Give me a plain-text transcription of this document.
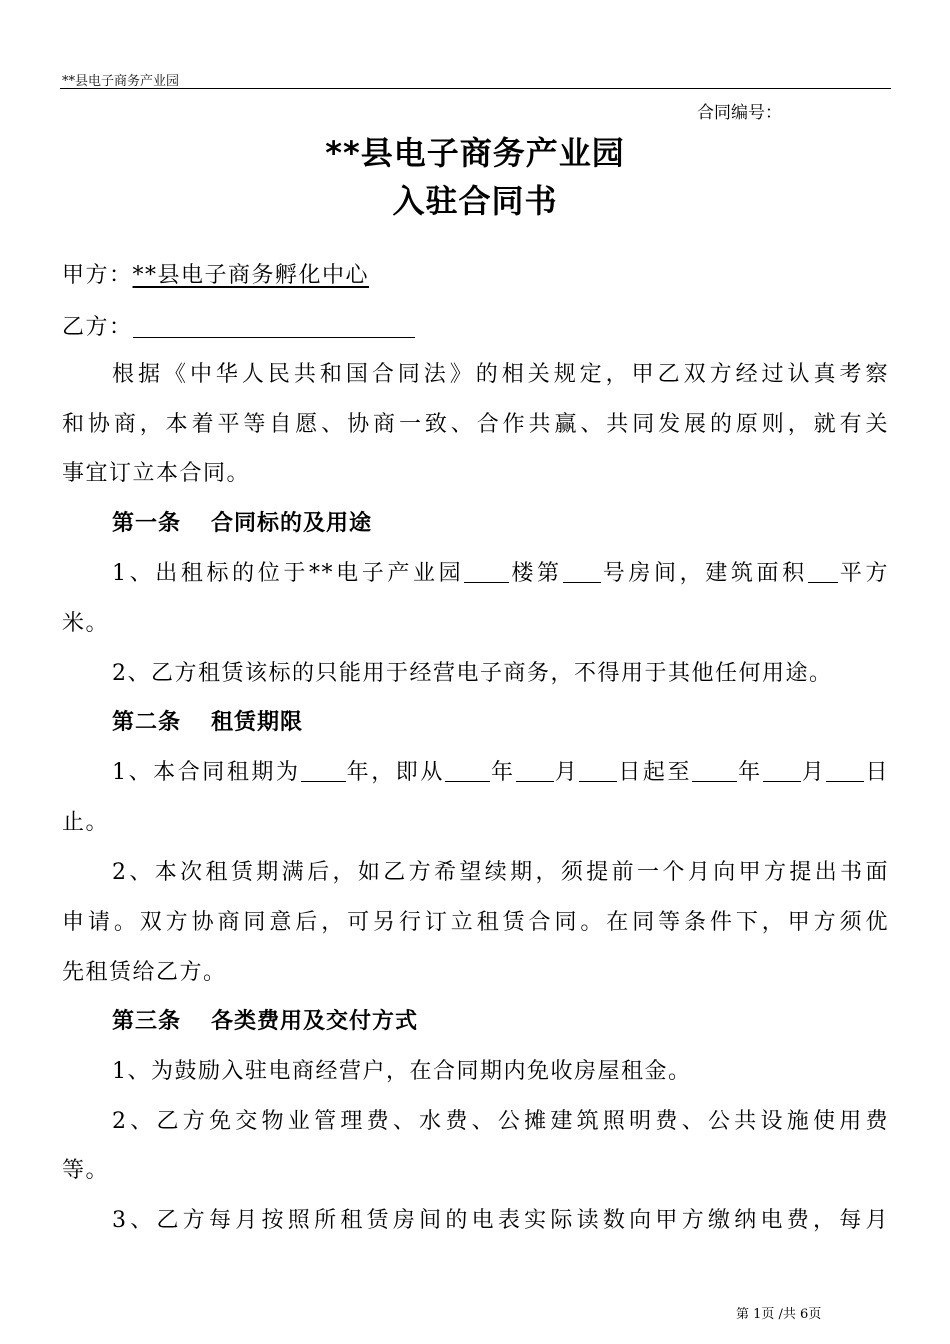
**县电子商务产业园
合同编号：
**县电子商务产业园
入驻合同书
甲方：**县电子商务孵化中心
乙方：
根据《中华人民共和国合同法》的相关规定，甲乙双方经过认真考察
和协商，本着平等自愿、协商一致、合作共赢、共同发展的原则，就有关
事宜订立本合同。
第一条 合同标的及用途
1、出租标的位于**电子产业园 楼第 号房间，建筑面积 平方
米。
2、乙方租赁该标的只能用于经营电子商务，不得用于其他任何用途。
第二条 租赁期限
1、本合同租期为 年，即从 年 月 日起至 年 月 日
止。
2、本次租赁期满后，如乙方希望续期，须提前一个月向甲方提出书面
申请。双方协商同意后，可另行订立租赁合同。在同等条件下，甲方须优
先租赁给乙方。
第三条 各类费用及交付方式
1、为鼓励入驻电商经营户，在合同期内免收房屋租金。
2、乙方免交物业管理费、水费、公摊建筑照明费、公共设施使用费
等。
3、乙方每月按照所租赁房间的电表实际读数向甲方缴纳电费，每月
第 1页 /共 6页
